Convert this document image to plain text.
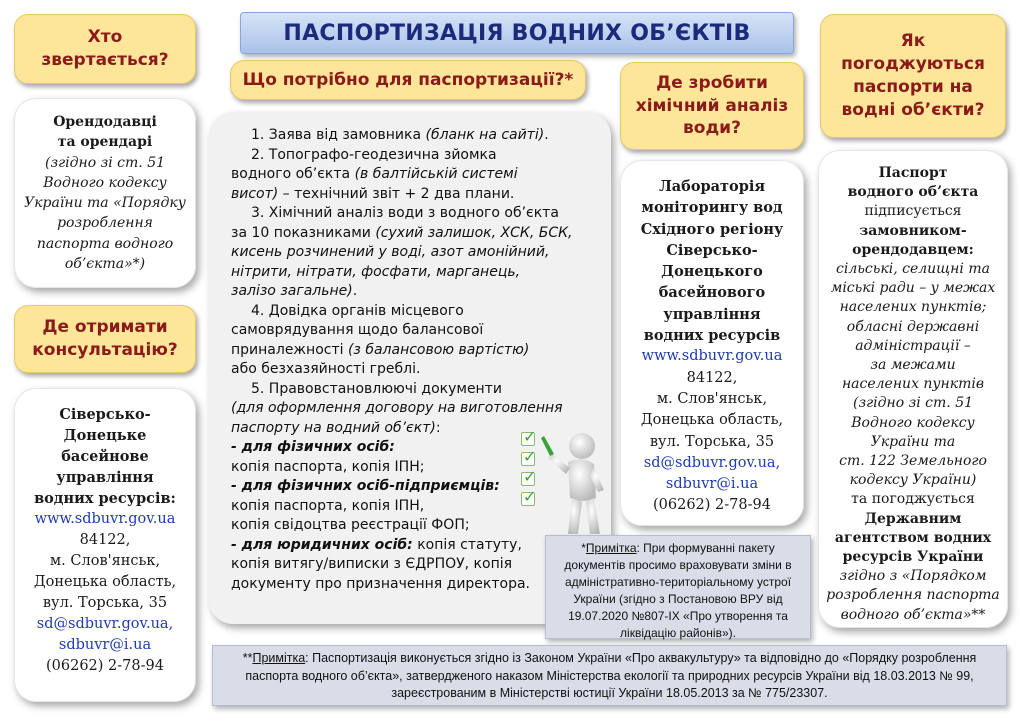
ПАСПОРТИЗАЦІЯ ВОДНИХ ОБ’ЄКТІВ
Хто
звертається?
Орендодавці
та орендарі
(згідно зі ст. 51
Водного кодексу
України та «Порядку
розроблення
паспорта водного
об’єкта»*)
Де отримати
консультацію?
Сіверсько-
Донецьке
басейнове
управління
водних ресурсів:
www.sdbuvr.gov.ua
84122,
м. Слов'янськ,
Донецька область,
вул. Торська, 35
sd@sdbuvr.gov.ua,
sdbuvr@i.ua
(06262) 2-78-94
Що потрібно для паспортизації?*

1. Заява від замовника (бланк на сайті).

2. Топографо-геодезична зйомка

водного об’єкта (в балтійській системі

висот) – технічний звіт + 2 два плани.

3. Хімічний аналіз води з водного об’єкта

за 10 показниками (сухий залишок, ХСК, БСК,

кисень розчинений у воді, азот амонійний,

нітрити, нітрати, фосфати, марганець,

залізо загальне).

4. Довідка органів місцевого

самоврядування щодо балансової

приналежності (з балансовою вартістю)

або безхазяйності греблі.

5. Правовстановлюючі документи

(для оформлення договору на виготовлення

паспорту на водний об’єкт):

- для фізичних осіб:

копія паспорта, копія ІПН;

- для фізичних осіб-підприємців:

копія паспорта, копія ІПН,

копія свідоцтва реєстрації ФОП;

- для юридичних осіб: копія статуту,

копія витягу/виписки з ЄДРПОУ, копія

документу про призначення директора.

✓
✓
✓
✓
Де зробити
хімічний аналіз
води?
Лабораторія
моніторингу вод
Східного регіону
Сіверсько-
Донецького
басейнового
управління
водних ресурсів
www.sdbuvr.gov.ua
84122,
м. Слов'янськ,
Донецька область,
вул. Торська, 35
sd@sdbuvr.gov.ua,
sdbuvr@i.ua
(06262) 2-78-94
Як
погоджуються
паспорти на
водні об’єкти?
Паспорт
водного об’єкта
підписується
замовником-
орендодавцем:
сільські, селищні та
міські ради – у межах
населених пунктів;
обласні державні
адміністрації –
за межами
населених пунктів
(згідно зі ст. 51
Водного кодексу
України та
ст. 122 Земельного
кодексу України)
та погоджується
Державним
агентством водних
ресурсів України
згідно з «Порядком
розроблення паспорта
водного об’єкта»**
*Примітка: При формуванні пакету документів просимо враховувати зміни в адміністративно-територіальному устрої України (згідно з Постановою ВРУ від 19.07.2020 №807-IX «Про утворення та ліквідацію районів»).
**Примітка: Паспортизація виконується згідно із Законом України «Про аквакультуру» та відповідно до «Порядку розроблення паспорта водного об’єкта», затвердженого наказом Міністерства екології та природних ресурсів України від 18.03.2013 № 99, зареєстрованим в Міністерстві юстиції України 18.05.2013 за № 775/23307.
